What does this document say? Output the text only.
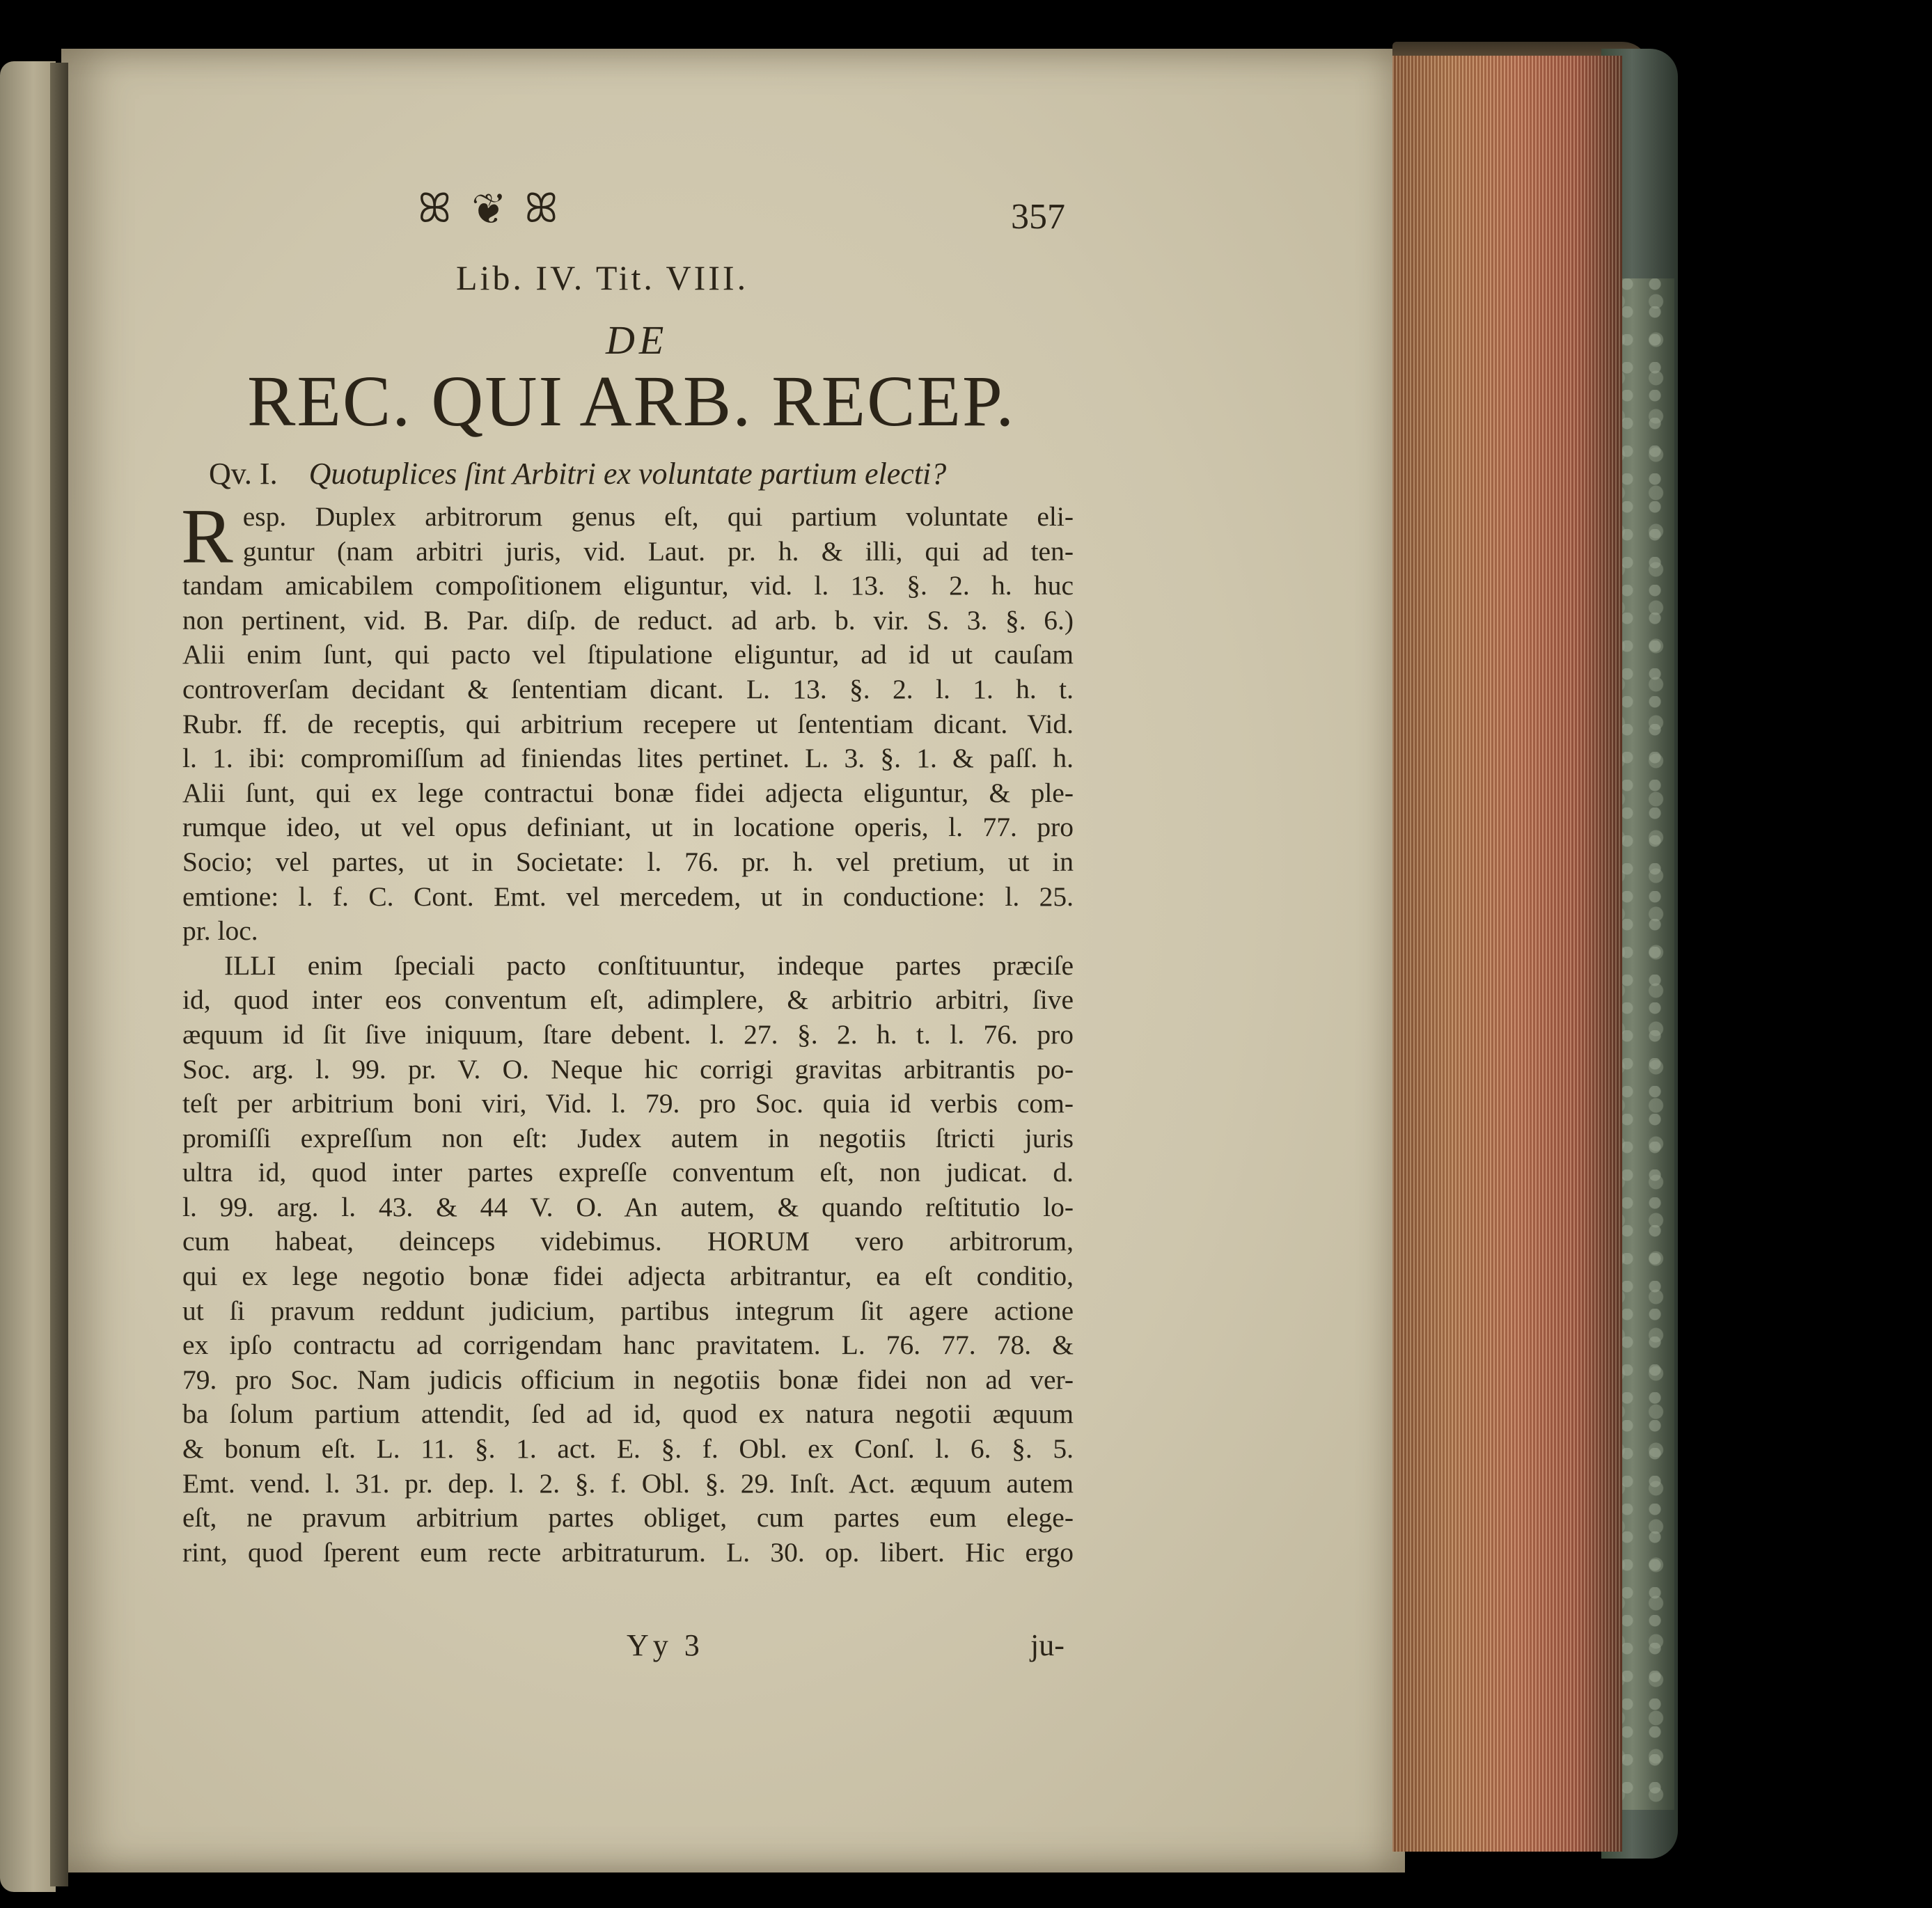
ꕤ ❦ ꕤ	357
Lib. IV. Tit. VIII.
DE
REC. QUI ARB. RECEP.
Qv. I. Quotuplices ſint Arbitri ex voluntate partium electi?
R esp. Duplex arbitrorum genus eſt, qui partium voluntate eli-
guntur (nam arbitri juris, vid. Laut. pr. h. & illi, qui ad ten-
tandam amicabilem compoſitionem eliguntur, vid. l. 13. §. 2. h. huc
non pertinent, vid. B. Par. diſp. de reduct. ad arb. b. vir. S. 3. §. 6.)
Alii enim ſunt, qui pacto vel ſtipulatione eliguntur, ad id ut cauſam
controverſam decidant & ſententiam dicant. L. 13. §. 2. l. 1. h. t.
Rubr. ff. de receptis, qui arbitrium recepere ut ſententiam dicant. Vid.
l. 1. ibi: compromiſſum ad finiendas lites pertinet. L. 3. §. 1. & paſſ. h.
Alii ſunt, qui ex lege contractui bonæ fidei adjecta eliguntur, & ple-
rumque ideo, ut vel opus definiant, ut in locatione operis, l. 77. pro
Socio; vel partes, ut in Societate: l. 76. pr. h. vel pretium, ut in
emtione: l. f. C. Cont. Emt. vel mercedem, ut in conductione: l. 25.
pr. loc.
ILLI enim ſpeciali pacto conſtituuntur, indeque partes præciſe
id, quod inter eos conventum eſt, adimplere, & arbitrio arbitri, ſive
æquum id ſit ſive iniquum, ſtare debent. l. 27. §. 2. h. t. l. 76. pro
Soc. arg. l. 99. pr. V. O. Neque hic corrigi gravitas arbitrantis po-
teſt per arbitrium boni viri, Vid. l. 79. pro Soc. quia id verbis com-
promiſſi expreſſum non eſt: Judex autem in negotiis ſtricti juris
ultra id, quod inter partes expreſſe conventum eſt, non judicat. d.
l. 99. arg. l. 43. & 44 V. O. An autem, & quando reſtitutio lo-
cum habeat, deinceps videbimus. HORUM vero arbitrorum,
qui ex lege negotio bonæ fidei adjecta arbitrantur, ea eſt conditio,
ut ſi pravum reddunt judicium, partibus integrum ſit agere actione
ex ipſo contractu ad corrigendam hanc pravitatem. L. 76. 77. 78. &
79. pro Soc. Nam judicis officium in negotiis bonæ fidei non ad ver-
ba ſolum partium attendit, ſed ad id, quod ex natura negotii æquum
& bonum eſt. L. 11. §. 1. act. E. §. f. Obl. ex Conſ. l. 6. §. 5.
Emt. vend. l. 31. pr. dep. l. 2. §. f. Obl. §. 29. Inſt. Act. æquum autem
eſt, ne pravum arbitrium partes obliget, cum partes eum elege-
rint, quod ſperent eum recte arbitraturum. L. 30. op. libert. Hic ergo
Yy 3	ju-
